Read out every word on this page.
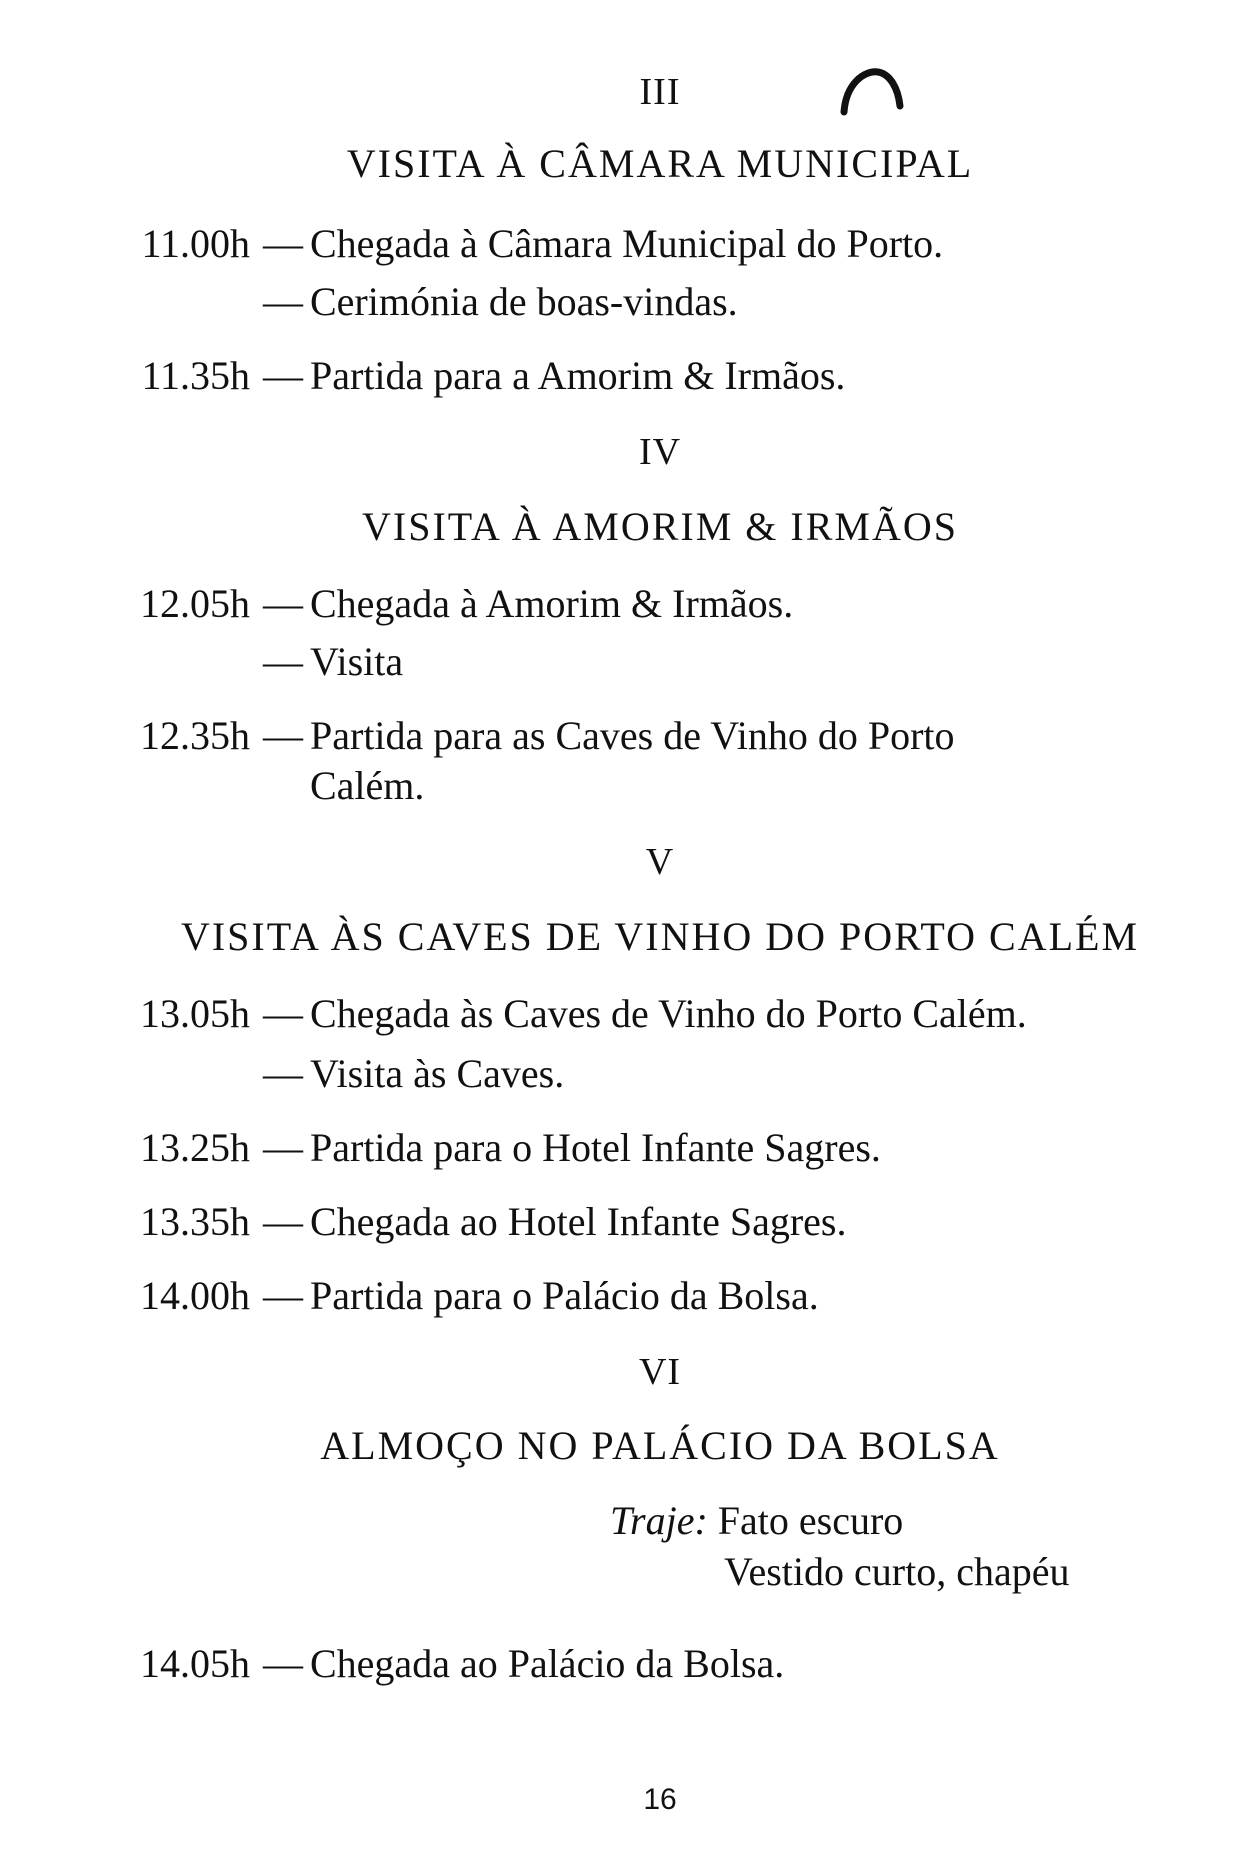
III
VISITA À CÂMARA MUNICIPAL
11.00h — Chegada à Câmara Municipal do Porto.
— Cerimónia de boas-vindas.
11.35h — Partida para a Amorim & Irmãos.
IV
VISITA À AMORIM & IRMÃOS
12.05h — Chegada à Amorim & Irmãos.
— Visita
12.35h — Partida para as Caves de Vinho do Porto
Calém.
V
VISITA ÀS CAVES DE VINHO DO PORTO CALÉM
13.05h — Chegada às Caves de Vinho do Porto Calém.
— Visita às Caves.
13.25h — Partida para o Hotel Infante Sagres.
13.35h — Chegada ao Hotel Infante Sagres.
14.00h — Partida para o Palácio da Bolsa.
VI
ALMOÇO NO PALÁCIO DA BOLSA
Traje: Fato escuro
Vestido curto, chapéu
14.05h — Chegada ao Palácio da Bolsa.
16
